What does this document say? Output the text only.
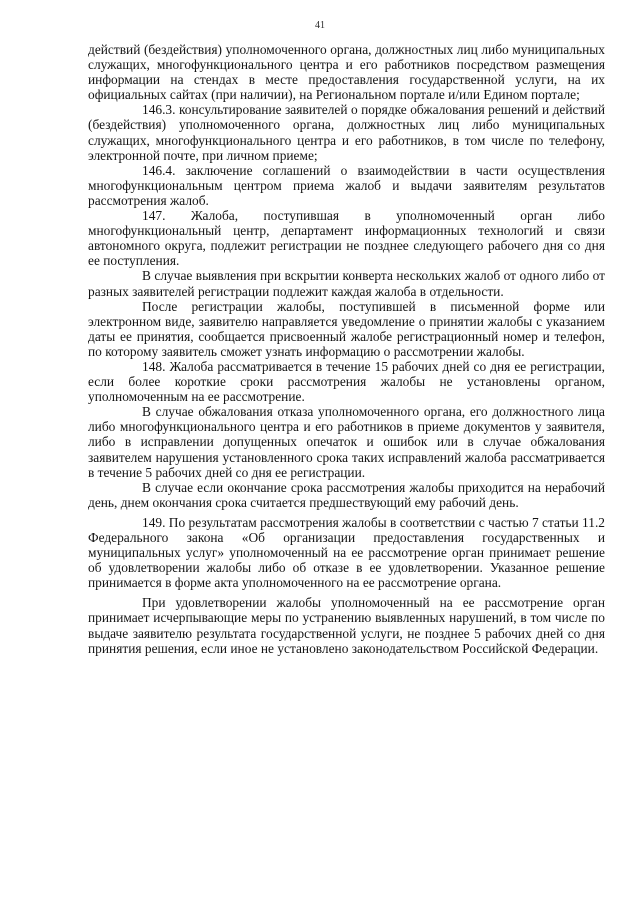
41

действий (бездействия) уполномоченного органа, должностных лиц либо муниципальных служащих, многофункционального центра и его работников посредством размещения информации на стендах в месте предоставления государственной услуги, на их официальных сайтах (при наличии), на Региональном портале и/или Едином портале;

146.3. консультирование заявителей о порядке обжалования решений и действий (бездействия) уполномоченного органа, должностных лиц либо муниципальных служащих, многофункционального центра и его работников, в том числе по телефону, электронной почте, при личном приеме;

146.4. заключение соглашений о взаимодействии в части осуществления многофункциональным центром приема жалоб и выдачи заявителям результатов рассмотрения жалоб.

147. Жалоба, поступившая в уполномоченный орган либо многофункциональный центр, департамент информационных технологий и связи автономного округа, подлежит регистрации не позднее следующего рабочего дня со дня ее поступления.

В случае выявления при вскрытии конверта нескольких жалоб от одного либо от разных заявителей регистрации подлежит каждая жалоба в отдельности.

После регистрации жалобы, поступившей в письменной форме или электронном виде, заявителю направляется уведомление о принятии жалобы с указанием даты ее принятия, сообщается присвоенный жалобе регистрационный номер и телефон, по которому заявитель сможет узнать информацию о рассмотрении жалобы.

148. Жалоба рассматривается в течение 15 рабочих дней со дня ее регистрации, если более короткие сроки рассмотрения жалобы не установлены органом, уполномоченным на ее рассмотрение.

В случае обжалования отказа уполномоченного органа, его должностного лица либо многофункционального центра и его работников в приеме документов у заявителя, либо в исправлении допущенных опечаток и ошибок или в случае обжалования заявителем нарушения установленного срока таких исправлений жалоба рассматривается в течение 5 рабочих дней со дня ее регистрации.

В случае если окончание срока рассмотрения жалобы приходится на нерабочий день, днем окончания срока считается предшествующий ему рабочий день.

149. По результатам рассмотрения жалобы в соответствии с частью 7 статьи 11.2 Федерального закона «Об организации предоставления государственных и муниципальных услуг» уполномоченный на ее рассмотрение орган принимает решение об удовлетворении жалобы либо об отказе в ее удовлетворении. Указанное решение принимается в форме акта уполномоченного на ее рассмотрение органа.

При удовлетворении жалобы уполномоченный на ее рассмотрение орган принимает исчерпывающие меры по устранению выявленных нарушений, в том числе по выдаче заявителю результата государственной услуги, не позднее 5 рабочих дней со дня принятия решения, если иное не установлено законодательством Российской Федерации.
